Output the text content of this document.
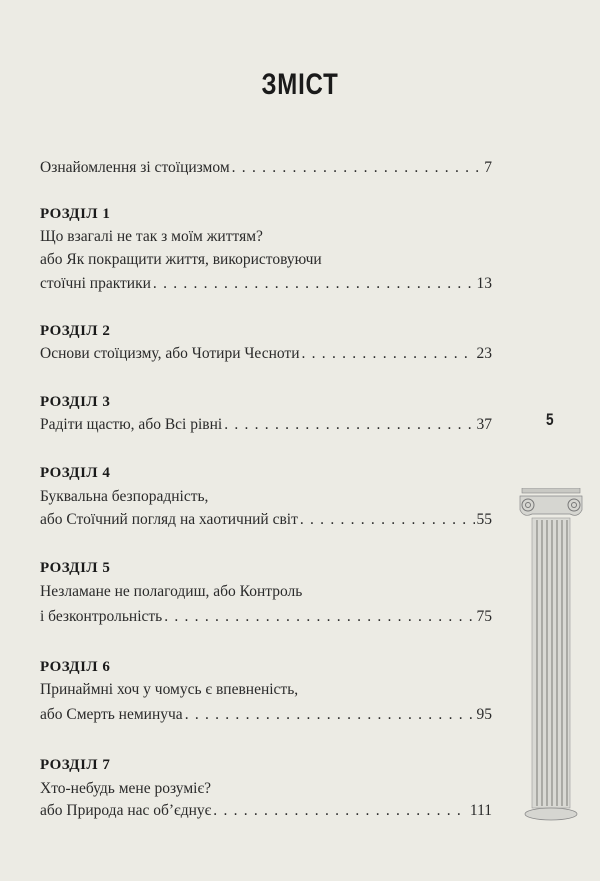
ЗМІСТ
5
Ознайомлення зі стоїцизмом . . .	7
РОЗДІЛ 1
Що взагалі не так з моїм життям?
або Як покращити життя, використовуючи
стоїчні практики . . .	13
РОЗДІЛ 2
Основи стоїцизму, або Чотири Чесноти . . .	23
РОЗДІЛ 3
Радіти щастю, або Всі рівні . . .	37
РОЗДІЛ 4
Буквальна безпорадність,
або Стоїчний погляд на хаотичний світ . . .	55
РОЗДІЛ 5
Незламане не полагодиш, або Контроль
і безконтрольність . . .	75
РОЗДІЛ 6
Принаймні хоч у чомусь є впевненість,
або Смерть неминуча . . .	95
РОЗДІЛ 7
Хто-небудь мене розуміє?
або Природа нас об’єднує . . .	111
